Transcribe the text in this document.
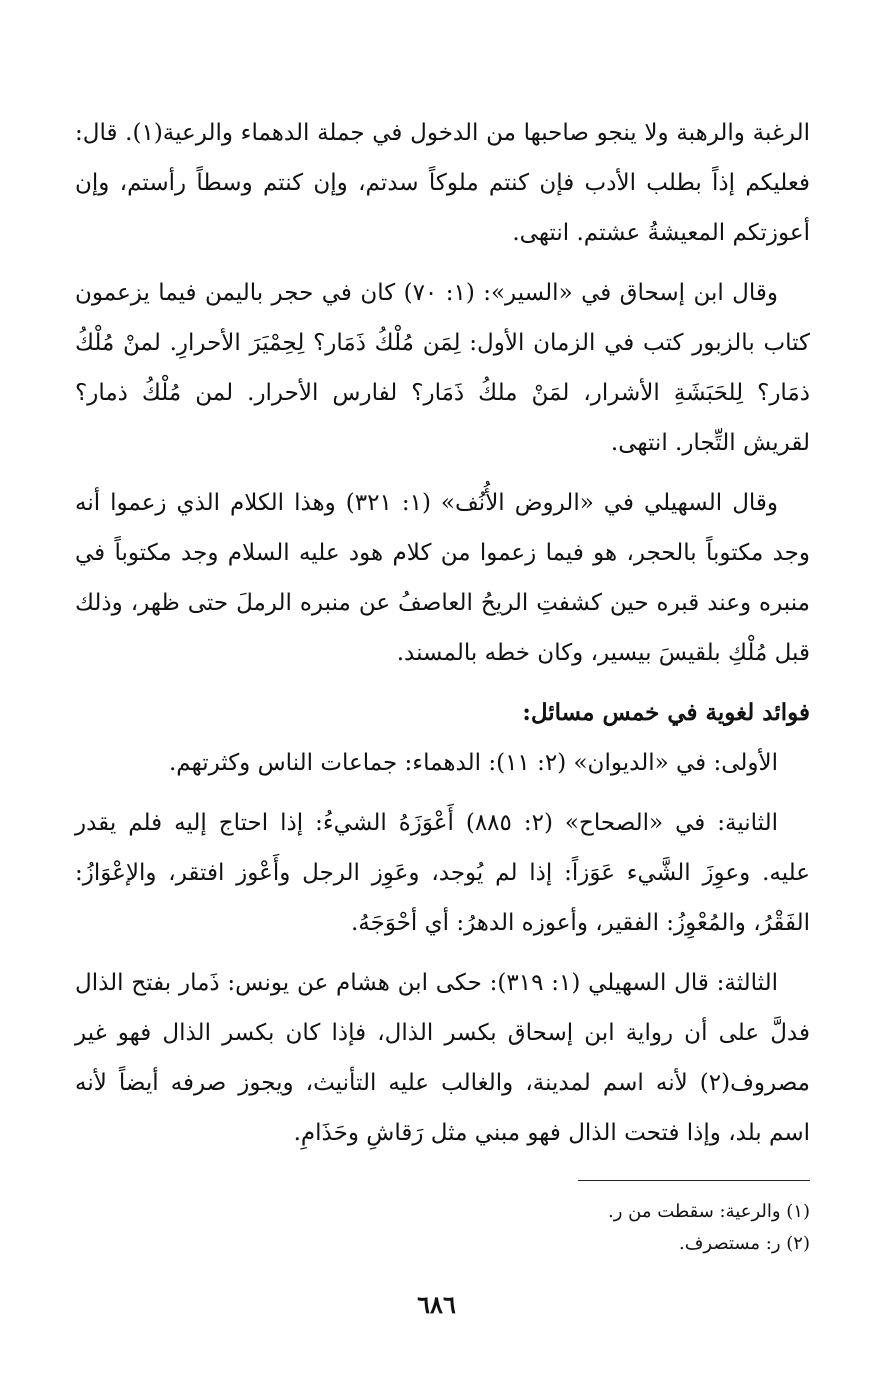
الرغبة والرهبة ولا ينجو صاحبها من الدخول في جملة الدهماء والرعية(١). قال: فعليكم إذاً بطلب الأدب فإن كنتم ملوكاً سدتم، وإن كنتم وسطاً رأستم، وإن أعوزتكم المعيشةُ عشتم. انتهى.

وقال ابن إسحاق في «السير»: (١: ٧٠) كان في حجر باليمن فيما يزعمون كتاب بالزبور كتب في الزمان الأول: لِمَن مُلْكُ ذَمَار؟ لِحِمْيَرَ الأحرارِ. لمنْ مُلْكُ ذمَار؟ لِلحَبَشَةِ الأشرار، لمَنْ ملكُ ذَمَار؟ لفارس الأحرار. لمن مُلْكُ ذمار؟ لقريش التِّجار. انتهى.

وقال السهيلي في «الروض الأُنُف» (١: ٣٢١) وهذا الكلام الذي زعموا أنه وجد مكتوباً بالحجر، هو فيما زعموا من كلام هود عليه السلام وجد مكتوباً في منبره وعند قبره حين كشفتِ الريحُ العاصفُ عن منبره الرملَ حتى ظهر، وذلك قبل مُلْكِ بلقيسَ بيسير، وكان خطه بالمسند.

فوائد لغوية في خمس مسائل:

الأولى: في «الديوان» (٢: ١١): الدهماء: جماعات الناس وكثرتهم.

الثانية: في «الصحاح» (٢: ٨٨٥) أَعْوَزَهُ الشيءُ: إذا احتاج إليه فلم يقدر عليه. وعوِزَ الشَّيء عَوَزاً: إذا لم يُوجد، وعَوِز الرجل وأَعْوز افتقر، والإعْوَازُ: الفَقْرُ، والمُعْوِزُ: الفقير، وأعوزه الدهرُ: أي أحْوَجَهُ.

الثالثة: قال السهيلي (١: ٣١٩): حكى ابن هشام عن يونس: ذَمار بفتح الذال فدلَّ على أن رواية ابن إسحاق بكسر الذال، فإذا كان بكسر الذال فهو غير مصروف(٢) لأنه اسم لمدينة، والغالب عليه التأنيث، ويجوز صرفه أيضاً لأنه اسم بلد، وإذا فتحت الذال فهو مبني مثل رَقاشِ وحَذَامِ.

(١) والرعية: سقطت من ر.

(٢) ر: مستصرف.

٦٨٦
